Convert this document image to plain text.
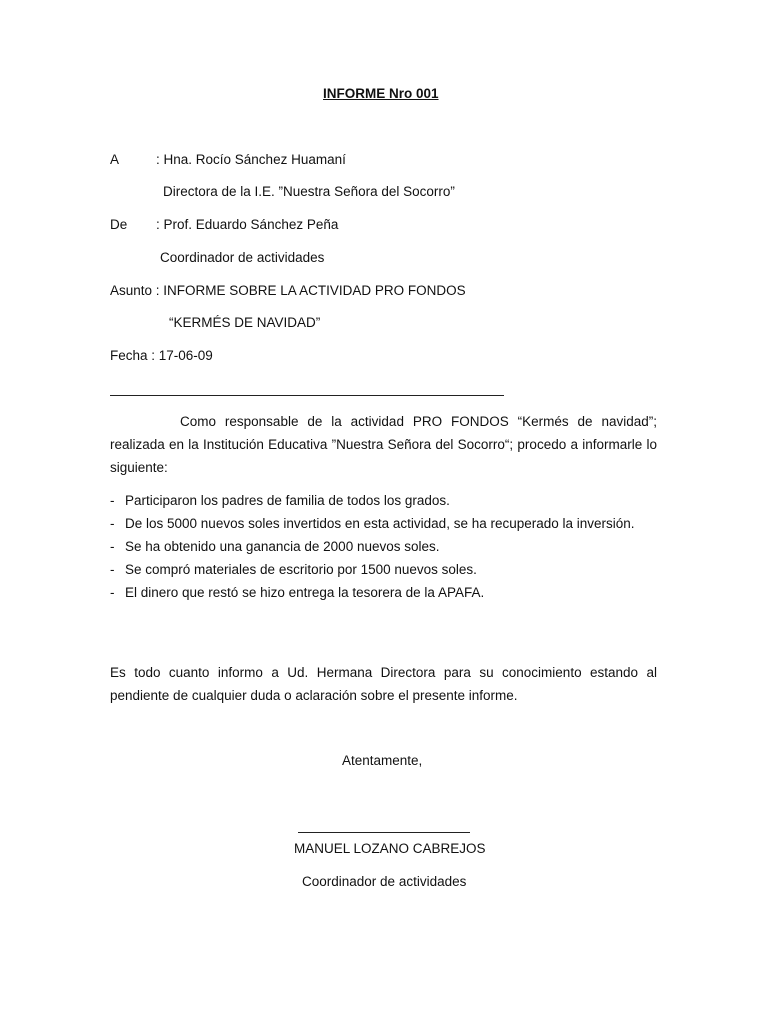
INFORME Nro 001
A	: Hna. Rocío Sánchez Huamaní
Directora de la I.E. ”Nuestra Señora del Socorro”
De : Prof. Eduardo Sánchez Peña
Coordinador de actividades
Asunto : INFORME SOBRE LA ACTIVIDAD PRO FONDOS
“KERMÉS DE NAVIDAD”
Fecha : 17-06-09
Como responsable de la actividad PRO FONDOS “Kermés de navidad”; realizada en la Institución Educativa ”Nuestra Señora del Socorro“; procedo a informarle lo siguiente:
- Participaron los padres de familia de todos los grados.
- De los 5000 nuevos soles invertidos en esta actividad, se ha recuperado la inversión.
- Se ha obtenido una ganancia de 2000 nuevos soles.
- Se compró materiales de escritorio por 1500 nuevos soles.
- El dinero que restó se hizo entrega la tesorera de la APAFA.
Es todo cuanto informo a Ud. Hermana Directora para su conocimiento estando al pendiente de cualquier duda o aclaración sobre el presente informe.
Atentamente,
MANUEL LOZANO CABREJOS
Coordinador de actividades
